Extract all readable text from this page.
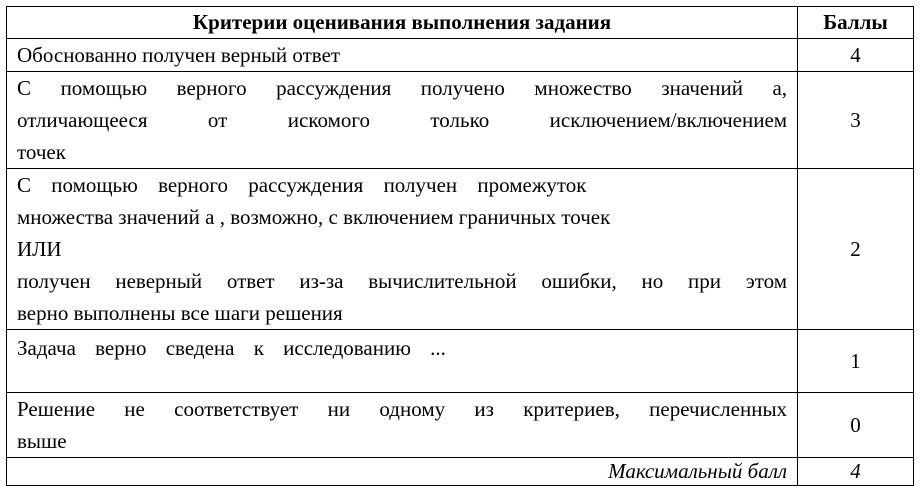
Критерии оценивания выполнения задания	Баллы

Обоснованно получен верный ответ	4

С помощью верного рассуждения получено множество значений а,
отличающееся от искомого только исключением/включением
точек	3

С помощью верного рассуждения получен промежуток
множества значений а , возможно, с включением граничных точек
ИЛИ
получен неверный ответ из-за вычислительной ошибки, но при этом
верно выполнены все шаги решения	2

Задача верно сведена к исследованию ...	1

Решение не соответствует ни одному из критериев, перечисленных
выше	0
Максимальный балл	4
